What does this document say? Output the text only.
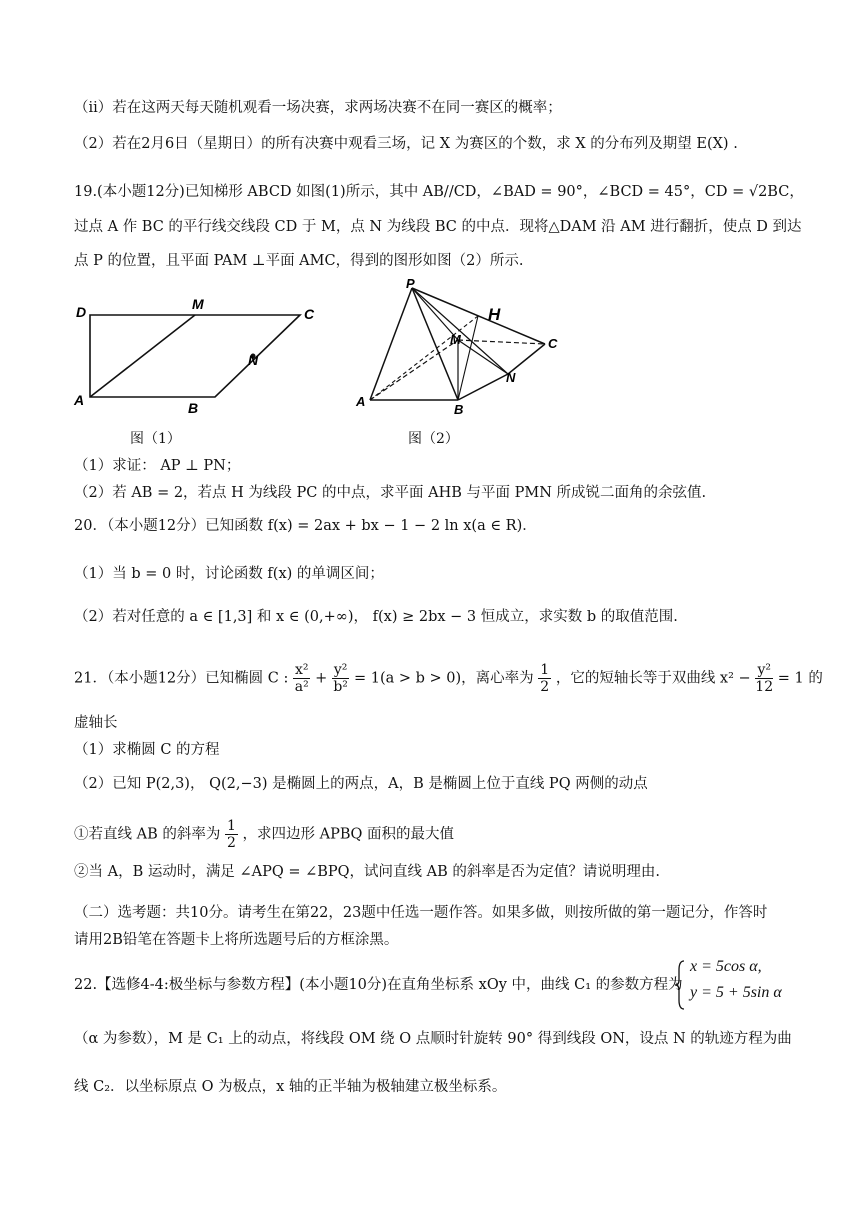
（ii）若在这两天每天随机观看一场决赛，求两场决赛不在同一赛区的概率；
（2）若在2月6日（星期日）的所有决赛中观看三场，记 X 为赛区的个数，求 X 的分布列及期望 E(X) .
19.(本小题12分)已知梯形 ABCD 如图(1)所示，其中 AB//CD，∠BAD = 90°，∠BCD = 45°，CD = √2BC，
过点 A 作 BC 的平行线交线段 CD 于 M，点 N 为线段 BC 的中点．现将△DAM 沿 AM 进行翻折，使点 D 到达
点 P 的位置，且平面 PAM ⊥平面 AMC，得到的图形如图（2）所示.
D	M
C
N
A	B
图（1）
P
H
M	C
N
A
B
图（2）
（1）求证： AP ⊥ PN；
（2）若 AB = 2，若点 H 为线段 PC 的中点，求平面 AHB 与平面 PMN 所成锐二面角的余弦值.
20．（本小题12分）已知函数 f(x) = 2ax + bx − 1 − 2 ln x(a ∈ R)．
（1）当 b = 0 时，讨论函数 f(x) 的单调区间；
（2）若对任意的 a ∈ [1,3] 和 x ∈ (0,+∞)， f(x) ≥ 2bx − 3 恒成立，求实数 b 的取值范围.
21．（本小题12分）已知椭圆 C : $\frac{\text{x²}}{\text{a²}} + \frac{\text{y²}}{\text{b²}} = 1(a > b > 0)$，离心率为 $\frac{1}{2}$ ，它的短轴长等于双曲线 $x^2 - \frac{\text{y²}}{12} = 1$ 的
虚轴长
（1）求椭圆 C 的方程
（2）已知 P(2,3)， Q(2,−3) 是椭圆上的两点，A，B 是椭圆上位于直线 PQ 两侧的动点
①若直线 AB 的斜率为 $\frac{1}{2}$ ，求四边形 APBQ 面积的最大值
②当 A，B 运动时，满足 ∠APQ = ∠BPQ，试问直线 AB 的斜率是否为定值？请说明理由.
（二）选考题：共10分。请考生在第22，23题中任选一题作答。如果多做，则按所做的第一题记分，作答时
请用2B铅笔在答题卡上将所选题号后的方框涂黑。
22.【选修4-4:极坐标与参数方程】(本小题10分)在直角坐标系 xOy 中，曲线 C₁ 的参数方程为
x = 5cos α,
y = 5 + 5sin α
（α 为参数），M 是 C₁ 上的动点，将线段 OM 绕 O 点顺时针旋转 90° 得到线段 ON，设点 N 的轨迹方程为曲
线 C₂．以坐标原点 O 为极点，x 轴的正半轴为极轴建立极坐标系。
